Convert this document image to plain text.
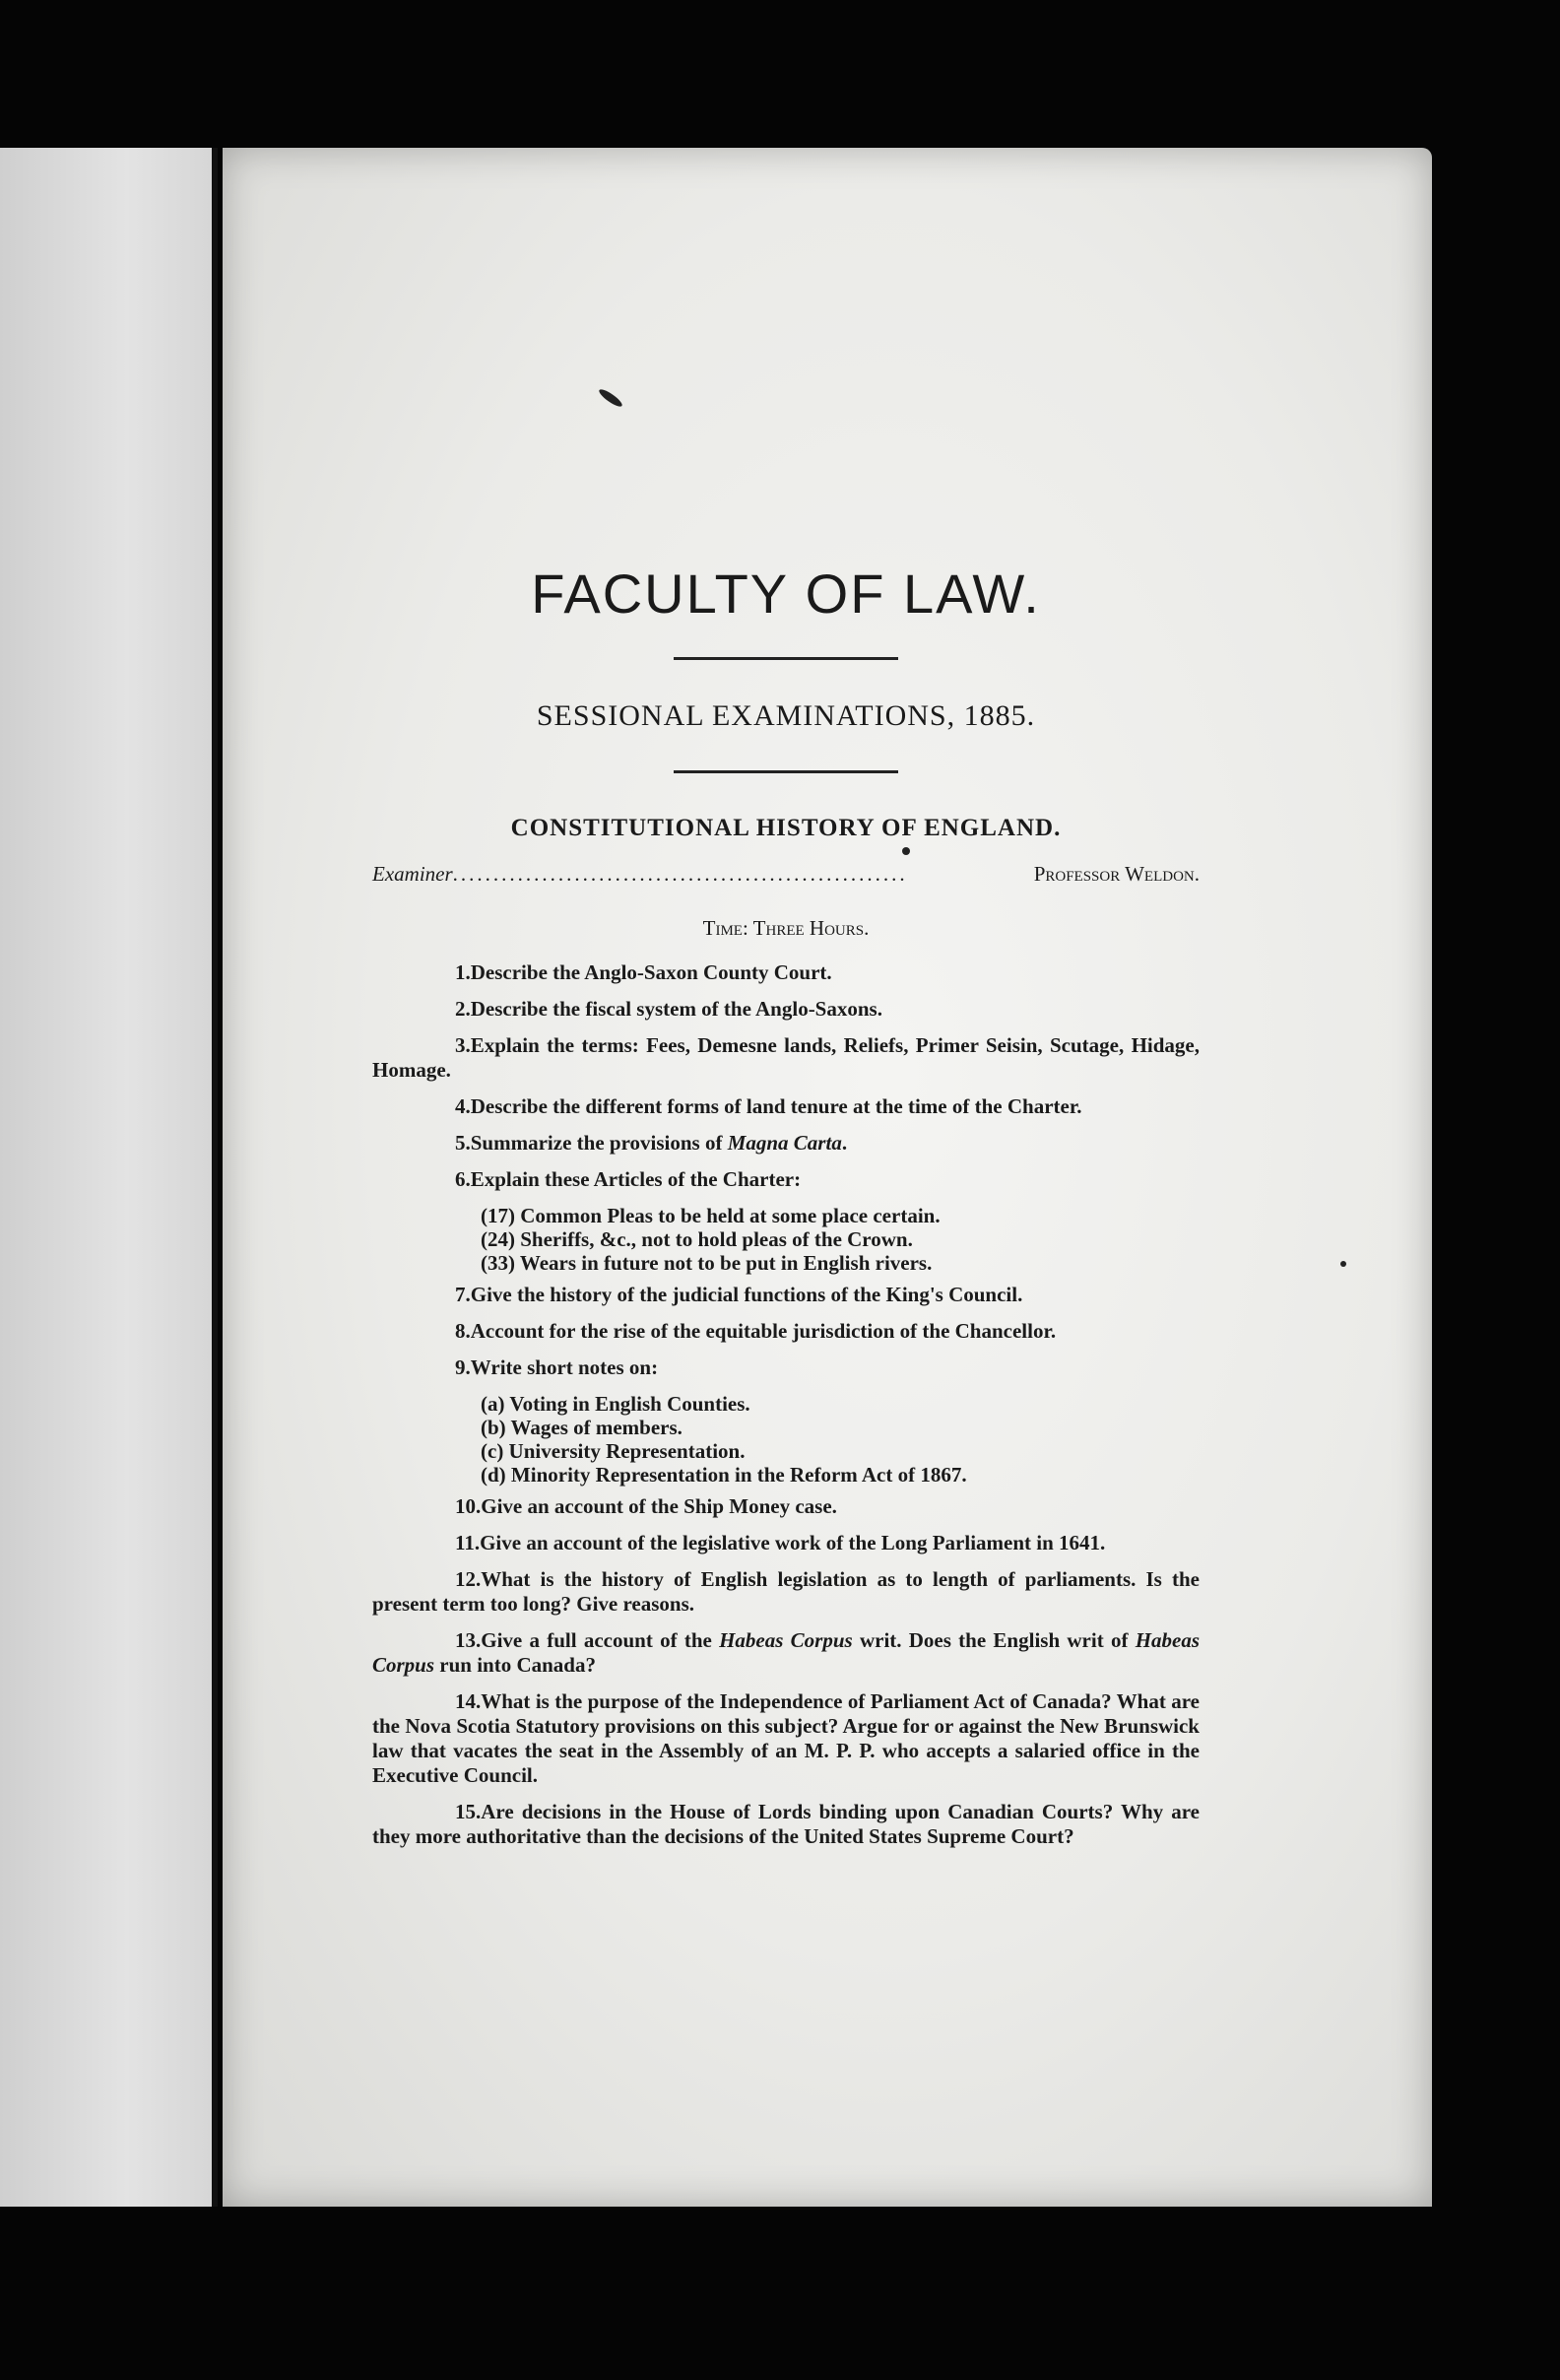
FACULTY OF LAW.
SESSIONAL EXAMINATIONS, 1885.
CONSTITUTIONAL HISTORY OF ENGLAND.
Examiner ........................................................	Professor Weldon.
Time: Three Hours.

1.Describe the Anglo-Saxon County Court.

2.Describe the fiscal system of the Anglo-Saxons.

3.Explain the terms: Fees, Demesne lands, Reliefs, Primer Seisin, Scutage, Hidage, Homage.

4.Describe the different forms of land tenure at the time of the Charter.

5.Summarize the provisions of Magna Carta.

6.Explain these Articles of the Charter:

(17) Common Pleas to be held at some place certain.
(24) Sheriffs, &c., not to hold pleas of the Crown.
(33) Wears in future not to be put in English rivers.

7.Give the history of the judicial functions of the King's Council.

8.Account for the rise of the equitable jurisdiction of the Chancellor.

9.Write short notes on:

(a) Voting in English Counties.
(b) Wages of members.
(c) University Representation.
(d) Minority Representation in the Reform Act of 1867.

10.Give an account of the Ship Money case.

11.Give an account of the legislative work of the Long Parliament in 1641.

12.What is the history of English legislation as to length of parliaments. Is the present term too long? Give reasons.

13.Give a full account of the Habeas Corpus writ. Does the English writ of Habeas Corpus run into Canada?

14.What is the purpose of the Independence of Parliament Act of Canada? What are the Nova Scotia Statutory provisions on this subject? Argue for or against the New Brunswick law that vacates the seat in the Assembly of an M. P. P. who accepts a salaried office in the Executive Council.

15.Are decisions in the House of Lords binding upon Canadian Courts? Why are they more authoritative than the decisions of the United States Supreme Court?
